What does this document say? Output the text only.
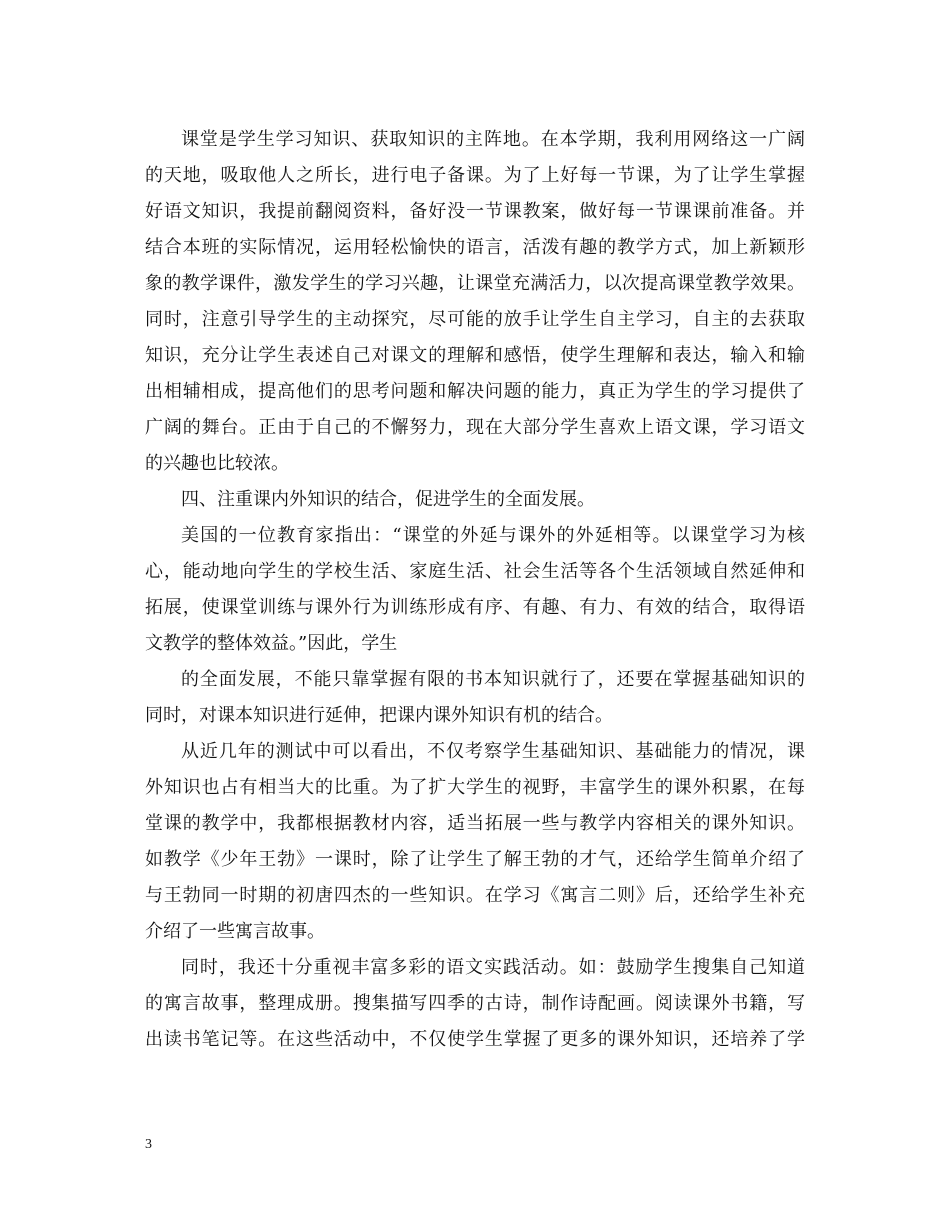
课堂是学生学习知识、获取知识的主阵地。在本学期，我利用网络这一广阔
的天地，吸取他人之所长，进行电子备课。为了上好每一节课，为了让学生掌握
好语文知识，我提前翻阅资料，备好没一节课教案，做好每一节课课前准备。并
结合本班的实际情况，运用轻松愉快的语言，活泼有趣的教学方式，加上新颖形
象的教学课件，激发学生的学习兴趣，让课堂充满活力，以次提高课堂教学效果。
同时，注意引导学生的主动探究，尽可能的放手让学生自主学习，自主的去获取
知识，充分让学生表述自己对课文的理解和感悟，使学生理解和表达，输入和输
出相辅相成，提高他们的思考问题和解决问题的能力，真正为学生的学习提供了
广阔的舞台。正由于自己的不懈努力，现在大部分学生喜欢上语文课，学习语文
的兴趣也比较浓。
四、注重课内外知识的结合，促进学生的全面发展。
美国的一位教育家指出：“课堂的外延与课外的外延相等。以课堂学习为核
心，能动地向学生的学校生活、家庭生活、社会生活等各个生活领域自然延伸和
拓展，使课堂训练与课外行为训练形成有序、有趣、有力、有效的结合，取得语
文教学的整体效益。”因此，学生
的全面发展，不能只靠掌握有限的书本知识就行了，还要在掌握基础知识的
同时，对课本知识进行延伸，把课内课外知识有机的结合。
从近几年的测试中可以看出，不仅考察学生基础知识、基础能力的情况，课
外知识也占有相当大的比重。为了扩大学生的视野，丰富学生的课外积累，在每
堂课的教学中，我都根据教材内容，适当拓展一些与教学内容相关的课外知识。
如教学《少年王勃》一课时，除了让学生了解王勃的才气，还给学生简单介绍了
与王勃同一时期的初唐四杰的一些知识。在学习《寓言二则》后，还给学生补充
介绍了一些寓言故事。
同时，我还十分重视丰富多彩的语文实践活动。如：鼓励学生搜集自己知道
的寓言故事，整理成册。搜集描写四季的古诗，制作诗配画。阅读课外书籍，写
出读书笔记等。在这些活动中，不仅使学生掌握了更多的课外知识，还培养了学
3
